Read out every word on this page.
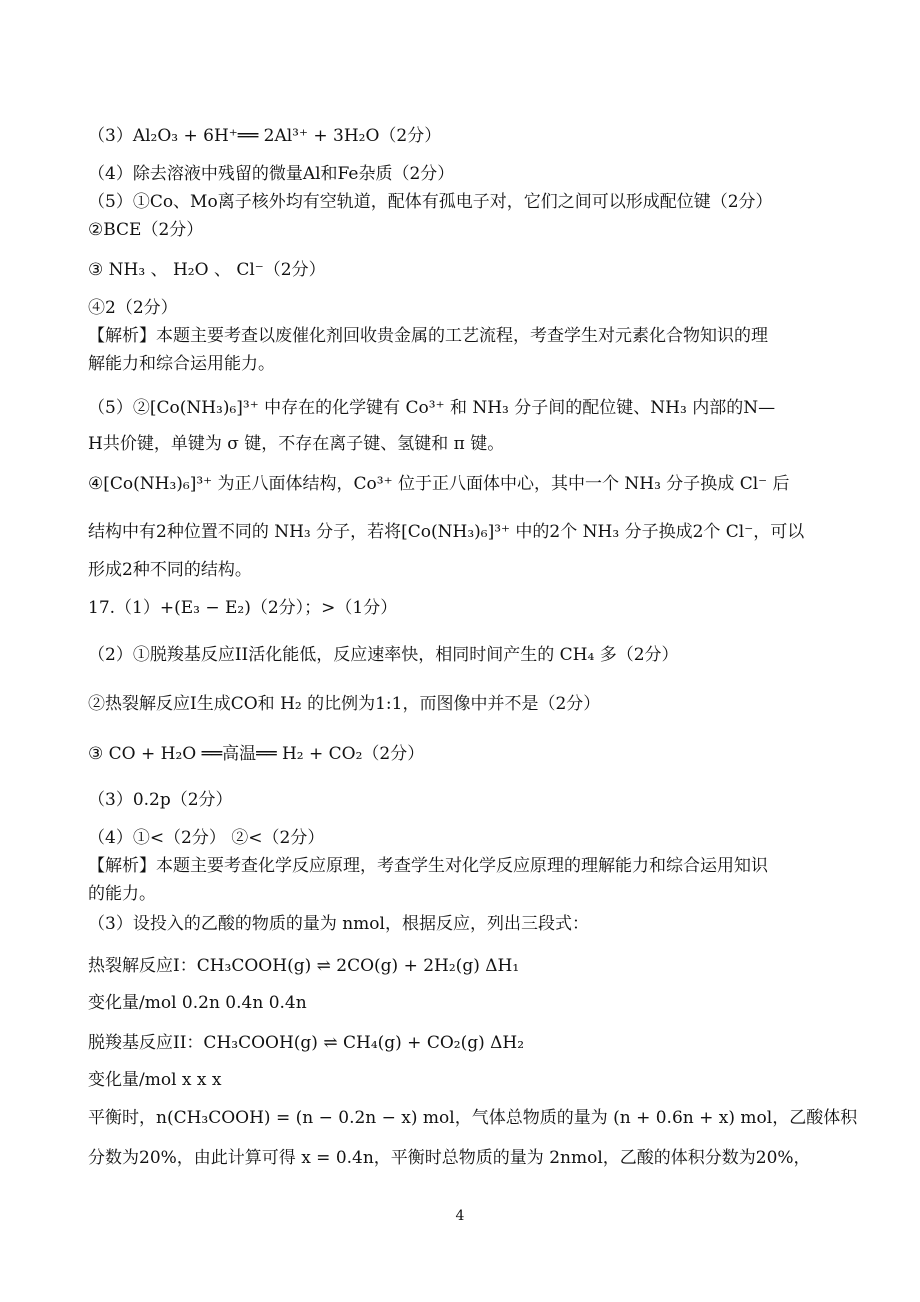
（3）Al₂O₃ + 6H⁺══ 2Al³⁺ + 3H₂O（2分）
（4）除去溶液中残留的微量Al和Fe杂质（2分）
（5）①Co、Mo离子核外均有空轨道，配体有孤电子对，它们之间可以形成配位键（2分）
②BCE（2分）
③ NH₃ 、 H₂O 、 Cl⁻（2分）
④2（2分）
【解析】本题主要考查以废催化剂回收贵金属的工艺流程，考查学生对元素化合物知识的理
解能力和综合运用能力。
（5）②[Co(NH₃)₆]³⁺ 中存在的化学键有 Co³⁺ 和 NH₃ 分子间的配位键、NH₃ 内部的N—
H共价键，单键为 σ 键，不存在离子键、氢键和 π 键。
④[Co(NH₃)₆]³⁺ 为正八面体结构，Co³⁺ 位于正八面体中心，其中一个 NH₃ 分子换成 Cl⁻ 后
结构中有2种位置不同的 NH₃ 分子，若将[Co(NH₃)₆]³⁺ 中的2个 NH₃ 分子换成2个 Cl⁻，可以
形成2种不同的结构。
17.（1）+(E₃ − E₂)（2分）；>（1分）
（2）①脱羧基反应II活化能低，反应速率快，相同时间产生的 CH₄ 多（2分）
②热裂解反应I生成CO和 H₂ 的比例为1:1，而图像中并不是（2分）
③ CO + H₂O ══高温══ H₂ + CO₂（2分）
（3）0.2p（2分）
（4）①<（2分） ②<（2分）
【解析】本题主要考查化学反应原理，考查学生对化学反应原理的理解能力和综合运用知识
的能力。
（3）设投入的乙酸的物质的量为 nmol，根据反应，列出三段式：
热裂解反应I：CH₃COOH(g) ⇌ 2CO(g) + 2H₂(g) ΔH₁
变化量/mol 0.2n 0.4n 0.4n
脱羧基反应II：CH₃COOH(g) ⇌ CH₄(g) + CO₂(g) ΔH₂
变化量/mol x x x
平衡时，n(CH₃COOH) = (n − 0.2n − x) mol，气体总物质的量为 (n + 0.6n + x) mol，乙酸体积
分数为20%，由此计算可得 x = 0.4n，平衡时总物质的量为 2nmol，乙酸的体积分数为20%，
4
